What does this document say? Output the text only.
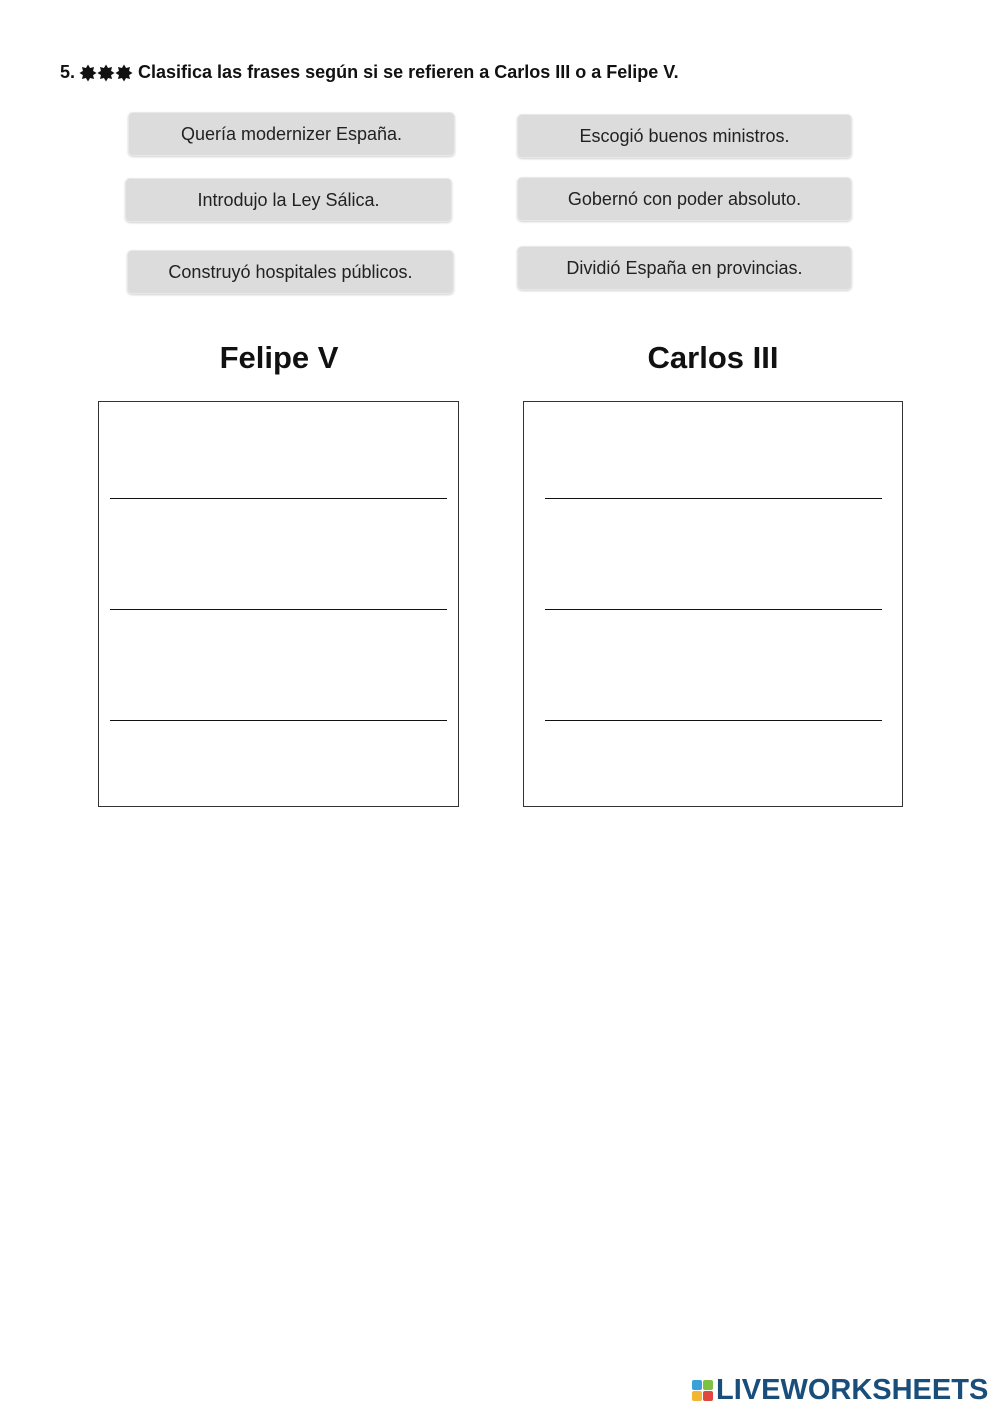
5.	Clasifica las frases según si se refieren a Carlos III o a Felipe V.
Quería modernizer España.	Escogió buenos ministros.
Introdujo la Ley Sálica.	Gobernó con poder absoluto.
Construyó hospitales públicos.	Dividió España en provincias.
Felipe V	Carlos III
LIVEWORKSHEETS
